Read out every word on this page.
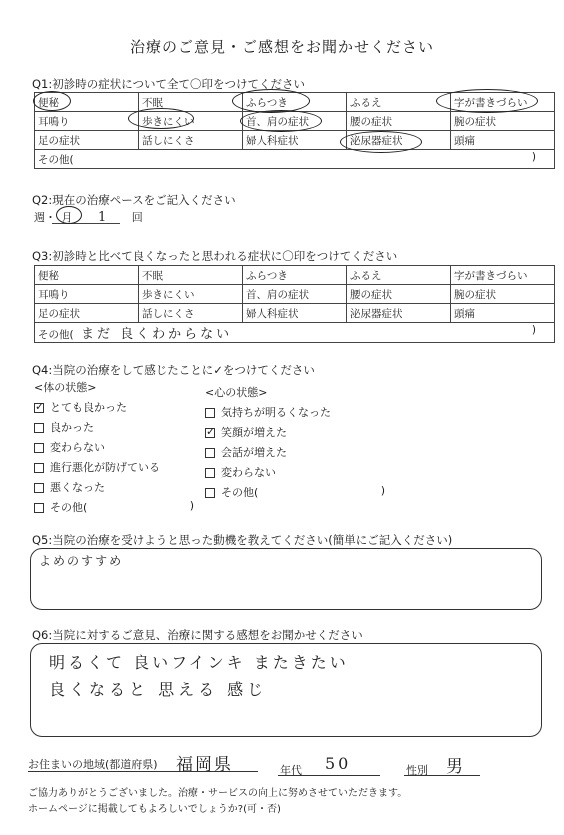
治療のご意見・ご感想をお聞かせください
Q1:初診時の症状について全て〇印をつけてください
便秘	不眠	ふらつき	ふるえ	字が書きづらい
耳鳴り	歩きにくい	首、肩の症状	腰の症状	腕の症状
足の症状	話しにくさ	婦人科症状	泌尿器症状	頭痛
その他( )				
Q2:現在の治療ペースをご記入ください
週・ 月 1 回
Q3:初診時と比べて良くなったと思われる症状に〇印をつけてください
便秘	不眠	ふらつき	ふるえ	字が書きづらい
耳鳴り	歩きにくい	首、肩の症状	腰の症状	腕の症状
足の症状	話しにくさ	婦人科症状	泌尿器症状	頭痛
その他( まだ 良くわからない )				
Q4:当院の治療をして感じたことに✓をつけてください
<体の状態>	<心の状態>
✓ とても良かった
良かった
変わらない
進行悪化が防げている
悪くなった
その他(	)
気持ちが明るくなった
✓ 笑顔が増えた
会話が増えた
変わらない
その他(	)
Q5:当院の治療を受けようと思った動機を教えてください(簡単にご記入ください)
よめのすすめ
Q6:当院に対するご意見、治療に関する感想をお聞かせください
明るくて 良いフインキ またきたい
良くなると 思える 感じ
お住まいの地域(都道府県) 福岡県	年代 50	性別 男
ご協力ありがとうございました。治療・サービスの向上に努めさせていただきます。
ホームページに掲載してもよろしいでしょうか?(可・否)
